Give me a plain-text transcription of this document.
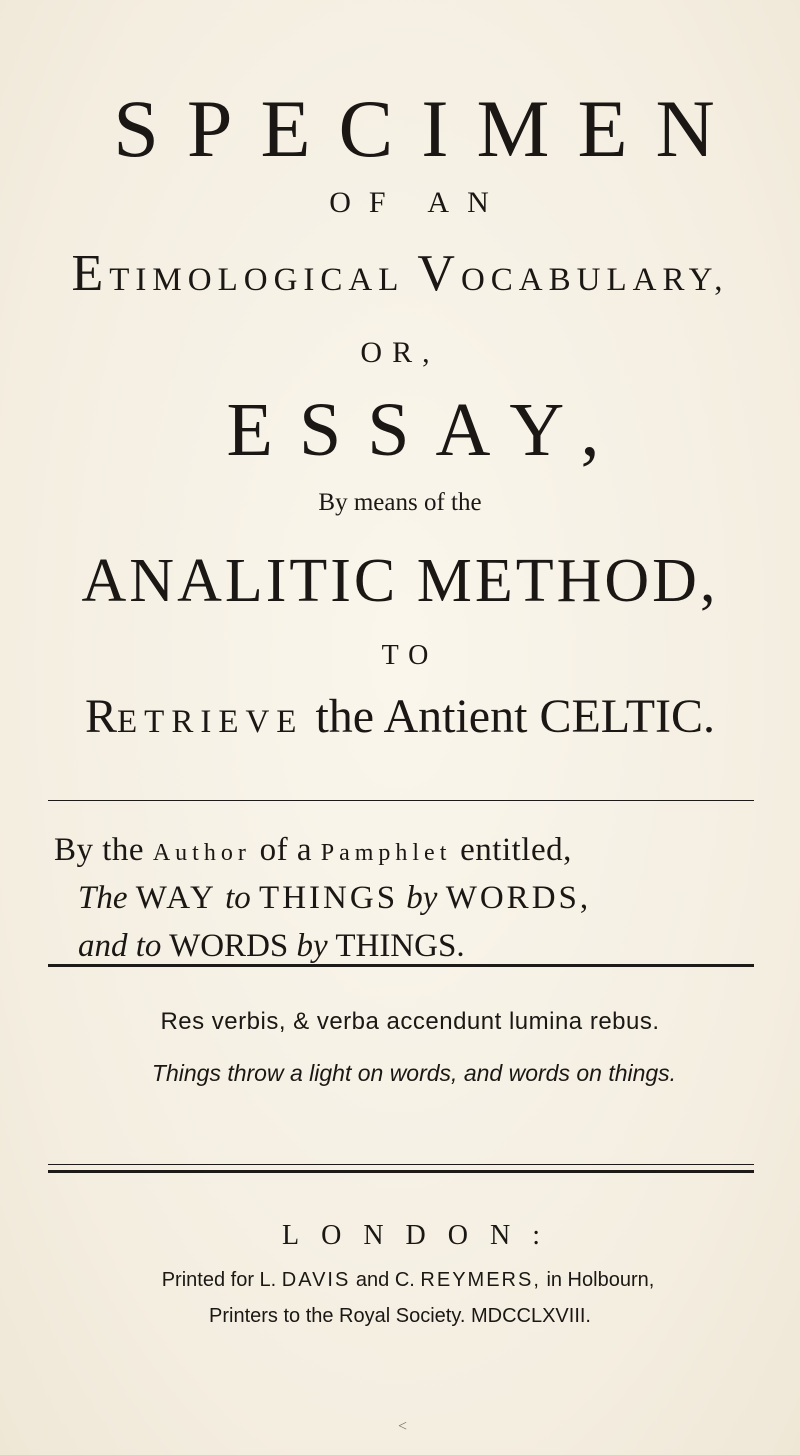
SPECIMEN
OF AN
ETIMOLOGICAL VOCABULARY,
OR,
ESSAY,
By means of the
ANALITIC METHOD,
TO
RETRIEVE the Antient CELTIC.
By the Author of a Pamphlet entitled,
The WAY to THINGS by WORDS,
and to WORDS by THINGS.
Res verbis, & verba accendunt lumina rebus.
Things throw a light on words, and words on things.
LONDON:
Printed for L. DAVIS and C. REYMERS, in Holbourn,
Printers to the Royal Society. MDCCLXVIII.
<
